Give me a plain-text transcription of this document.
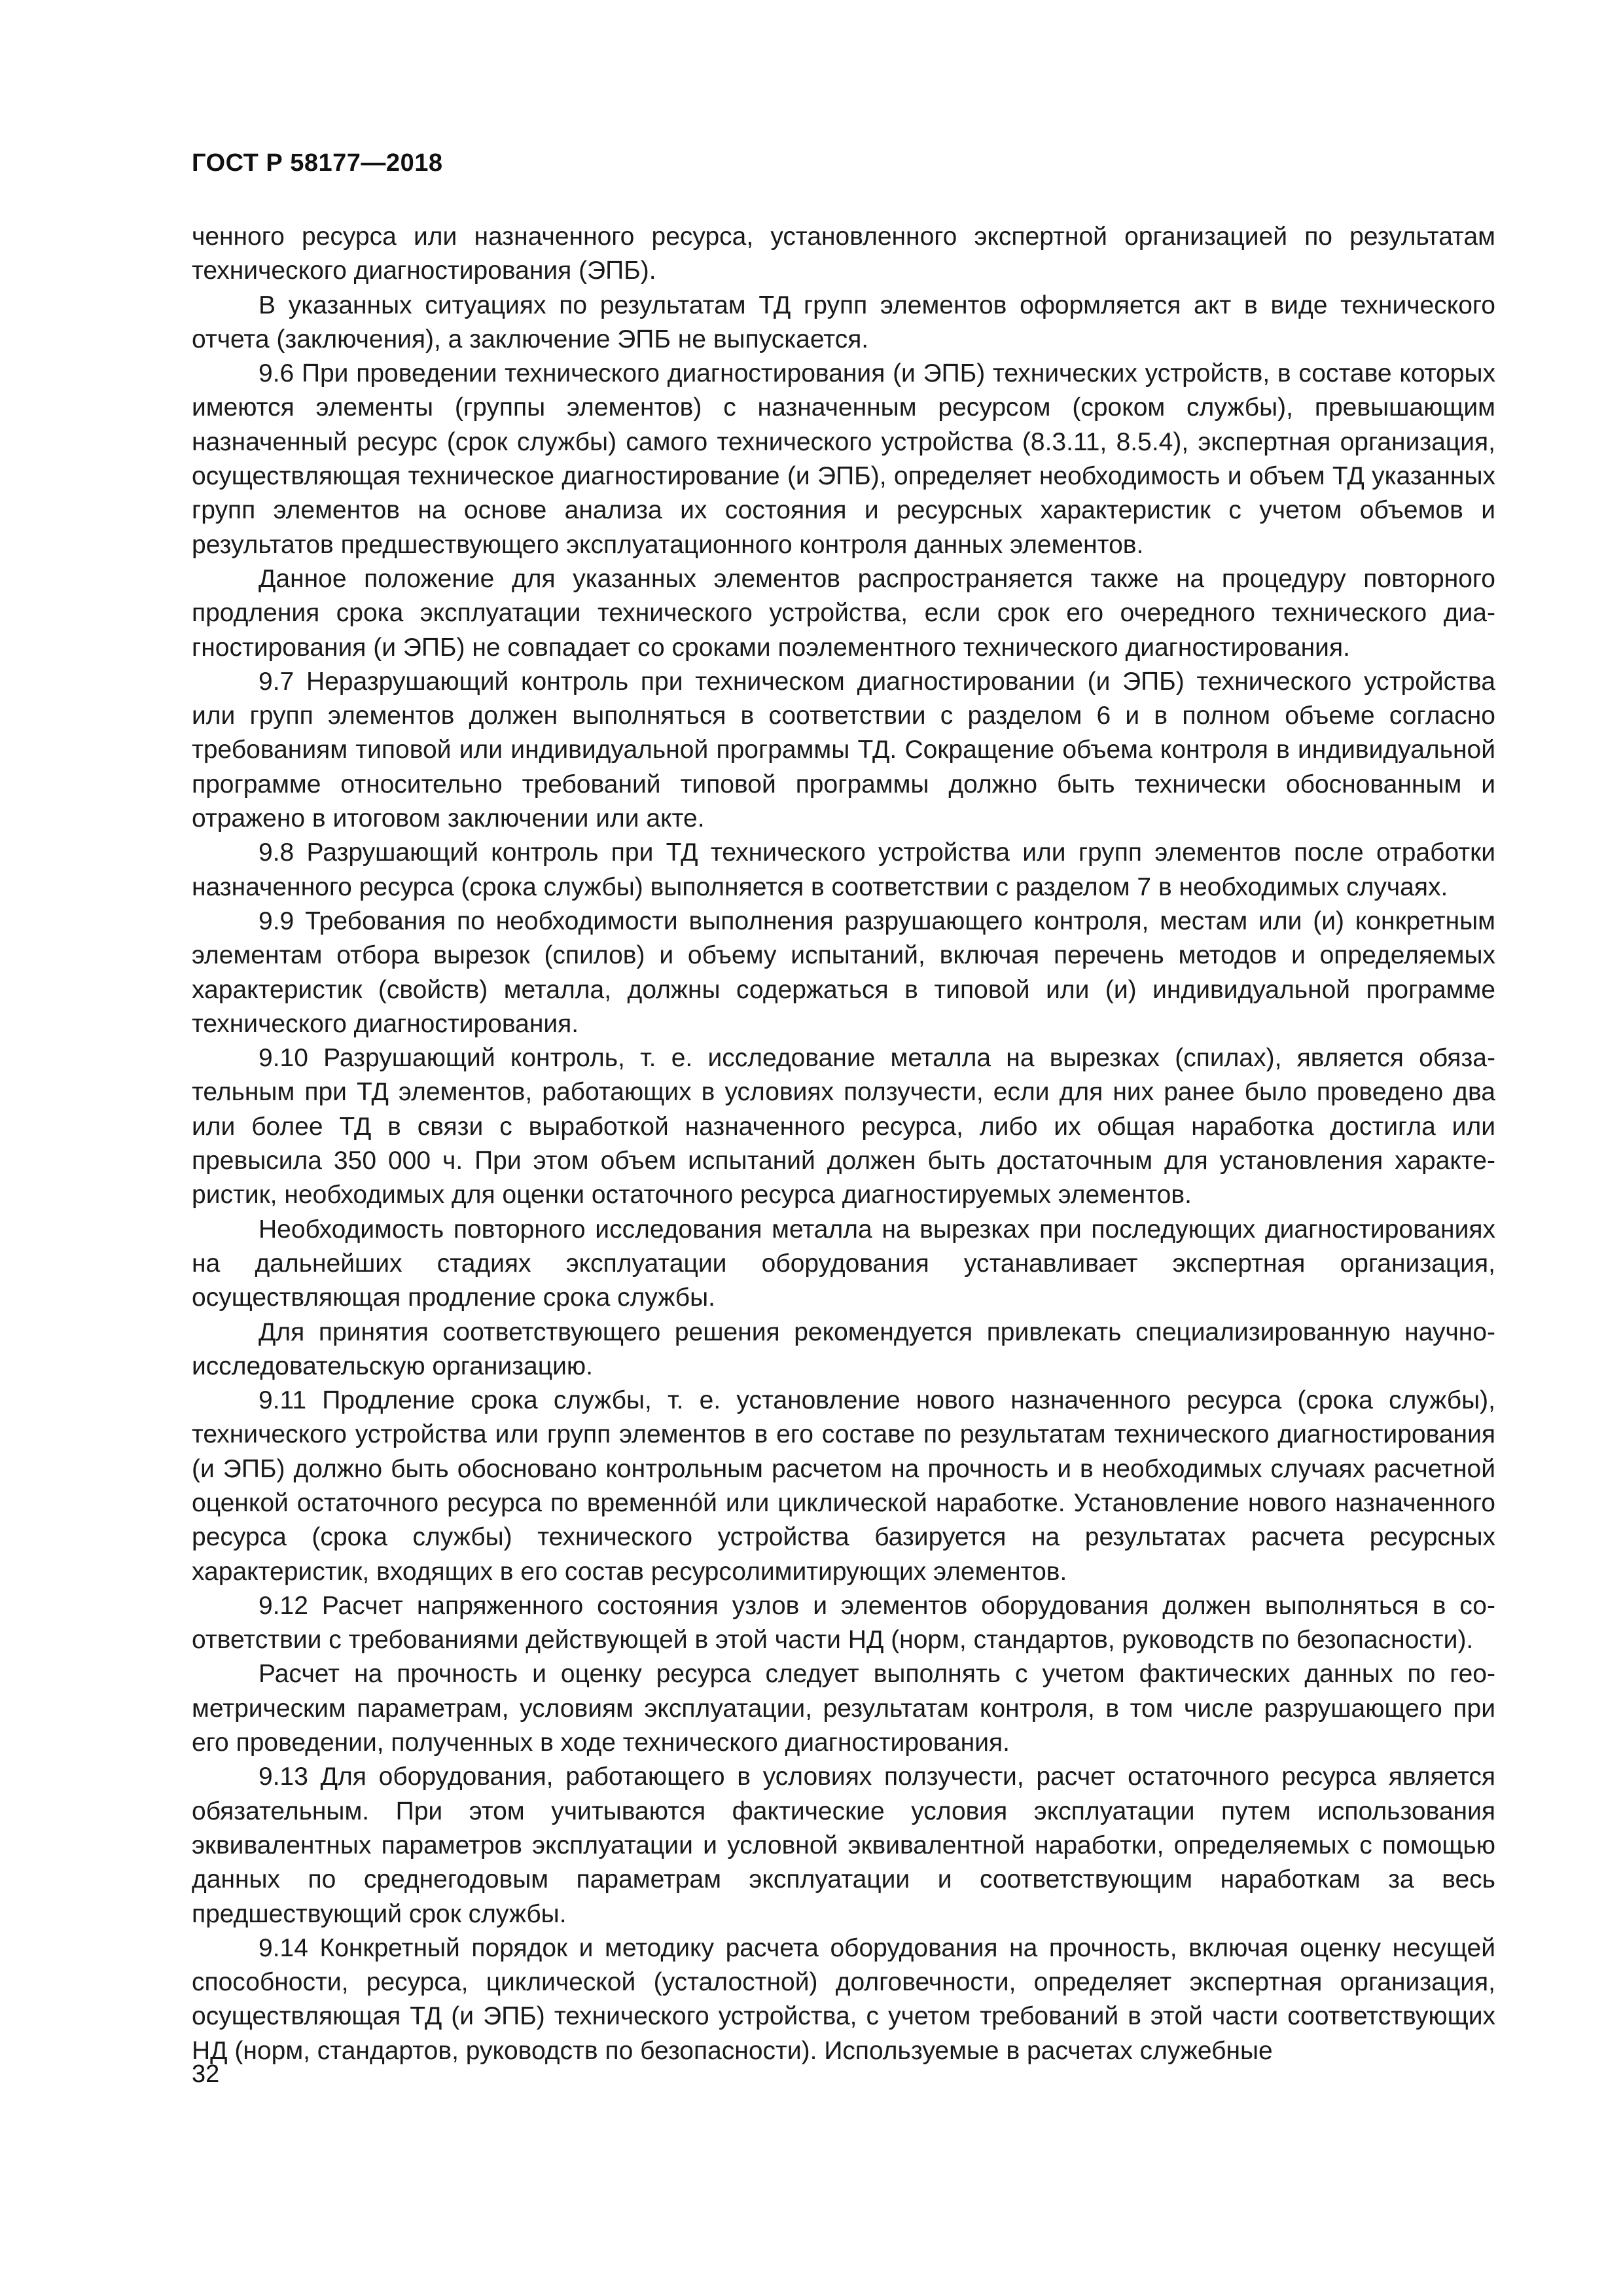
ГОСТ Р 58177—2018

ченного ресурса или назначенного ресурса, установленного экспертной организацией по результатам технического диагностирования (ЭПБ).

В указанных ситуациях по результатам ТД групп элементов оформляется акт в виде технического отчета (заключения), а заключение ЭПБ не выпускается.

9.6 При проведении технического диагностирования (и ЭПБ) технических устройств, в составе которых имеются элементы (группы элементов) с назначенным ресурсом (сроком службы), превышающим назначенный ресурс (срок службы) самого технического устройства (8.3.11, 8.5.4), экспертная организация, осуществляющая техническое диагностирование (и ЭПБ), определяет необходимость и объем ТД указанных групп элементов на основе анализа их состояния и ресурсных характеристик с учетом объемов и результатов предшествующего эксплуатационного контроля данных элементов.

Данное положение для указанных элементов распространяется также на процедуру повторного продления срока эксплуатации технического устройства, если срок его очередного технического диагностирования (и ЭПБ) не совпадает со сроками поэлементного технического диагностирования.

9.7 Неразрушающий контроль при техническом диагностировании (и ЭПБ) технического устройства или групп элементов должен выполняться в соответствии с разделом 6 и в полном объеме согласно требованиям типовой или индивидуальной программы ТД. Сокращение объема контроля в индивидуальной программе относительно требований типовой программы должно быть технически обоснованным и отражено в итоговом заключении или акте.

9.8 Разрушающий контроль при ТД технического устройства или групп элементов после отработки назначенного ресурса (срока службы) выполняется в соответствии с разделом 7 в необходимых случаях.

9.9 Требования по необходимости выполнения разрушающего контроля, местам или (и) конкретным элементам отбора вырезок (спилов) и объему испытаний, включая перечень методов и определяемых характеристик (свойств) металла, должны содержаться в типовой или (и) индивидуальной программе технического диагностирования.

9.10 Разрушающий контроль, т. е. исследование металла на вырезках (спилах), является обязательным при ТД элементов, работающих в условиях ползучести, если для них ранее было проведено два или более ТД в связи с выработкой назначенного ресурса, либо их общая наработка достигла или превысила 350 000 ч. При этом объем испытаний должен быть достаточным для установления характеристик, необходимых для оценки остаточного ресурса диагностируемых элементов.

Необходимость повторного исследования металла на вырезках при последующих диагностированиях на дальнейших стадиях эксплуатации оборудования устанавливает экспертная организация, осуществляющая продление срока службы.

Для принятия соответствующего решения рекомендуется привлекать специализированную научно-исследовательскую организацию.

9.11 Продление срока службы, т. е. установление нового назначенного ресурса (срока службы), технического устройства или групп элементов в его составе по результатам технического диагностирования (и ЭПБ) должно быть обосновано контрольным расчетом на прочность и в необходимых случаях расчетной оценкой остаточного ресурса по временнóй или циклической наработке. Установление нового назначенного ресурса (срока службы) технического устройства базируется на результатах расчета ресурсных характеристик, входящих в его состав ресурсолимитирующих элементов.

9.12 Расчет напряженного состояния узлов и элементов оборудования должен выполняться в соответствии с требованиями действующей в этой части НД (норм, стандартов, руководств по безопасности).

Расчет на прочность и оценку ресурса следует выполнять с учетом фактических данных по геометрическим параметрам, условиям эксплуатации, результатам контроля, в том числе разрушающего при его проведении, полученных в ходе технического диагностирования.

9.13 Для оборудования, работающего в условиях ползучести, расчет остаточного ресурса является обязательным. При этом учитываются фактические условия эксплуатации путем использования эквивалентных параметров эксплуатации и условной эквивалентной наработки, определяемых с помощью данных по среднегодовым параметрам эксплуатации и соответствующим наработкам за весь предшествующий срок службы.

9.14 Конкретный порядок и методику расчета оборудования на прочность, включая оценку несущей способности, ресурса, циклической (усталостной) долговечности, определяет экспертная организация, осуществляющая ТД (и ЭПБ) технического устройства, с учетом требований в этой части соответствующих НД (норм, стандартов, руководств по безопасности). Используемые в расчетах служебные

32
